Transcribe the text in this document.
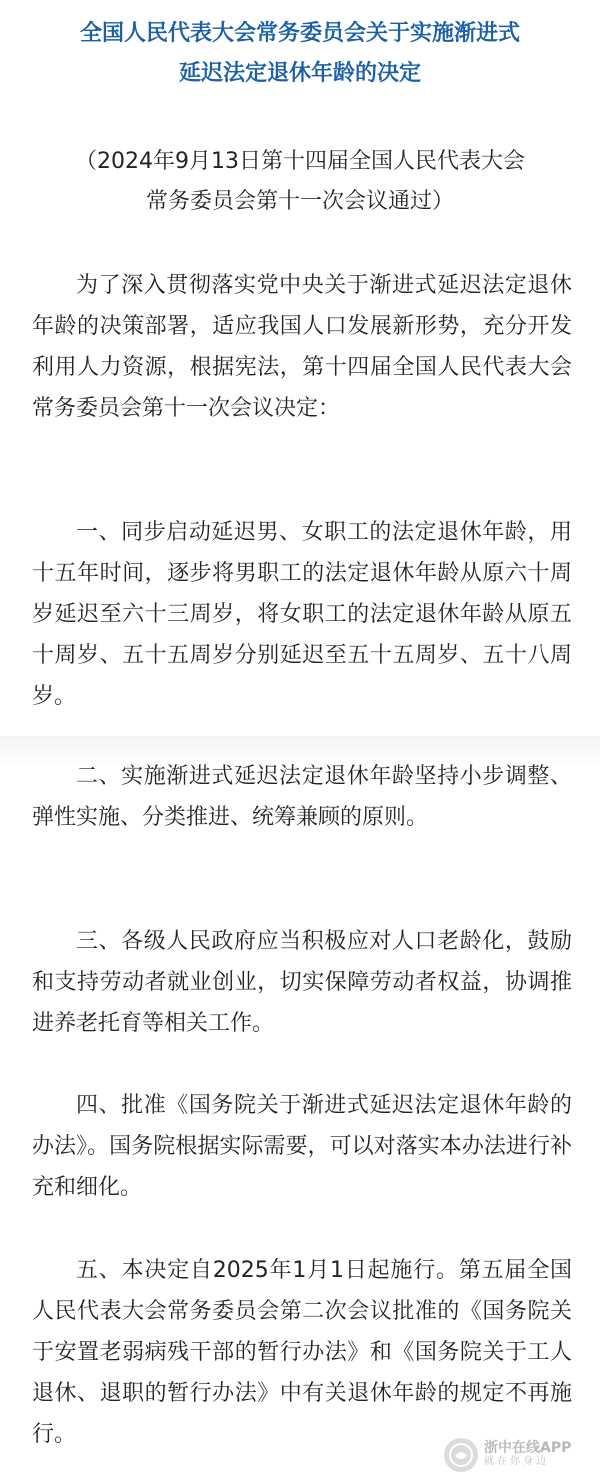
全国人民代表大会常务委员会关于实施渐进式
延迟法定退休年龄的决定
（2024年9月13日第十四届全国人民代表大会
常务委员会第十一次会议通过）

为了深入贯彻落实党中央关于渐进式延迟法定退休年龄的决策部署，适应我国人口发展新形势，充分开发利用人力资源，根据宪法，第十四届全国人民代表大会常务委员会第十一次会议决定：

一、同步启动延迟男、女职工的法定退休年龄，用十五年时间，逐步将男职工的法定退休年龄从原六十周岁延迟至六十三周岁，将女职工的法定退休年龄从原五十周岁、五十五周岁分别延迟至五十五周岁、五十八周岁。

二、实施渐进式延迟法定退休年龄坚持小步调整、弹性实施、分类推进、统筹兼顾的原则。

三、各级人民政府应当积极应对人口老龄化，鼓励和支持劳动者就业创业，切实保障劳动者权益，协调推进养老托育等相关工作。

四、批准《国务院关于渐进式延迟法定退休年龄的办法》。国务院根据实际需要，可以对落实本办法进行补充和细化。

五、本决定自2025年1月1日起施行。第五届全国人民代表大会常务委员会第二次会议批准的《国务院关于安置老弱病残干部的暂行办法》和《国务院关于工人退休、退职的暂行办法》中有关退休年龄的规定不再施行。

浙中在线APP
就在你身边
